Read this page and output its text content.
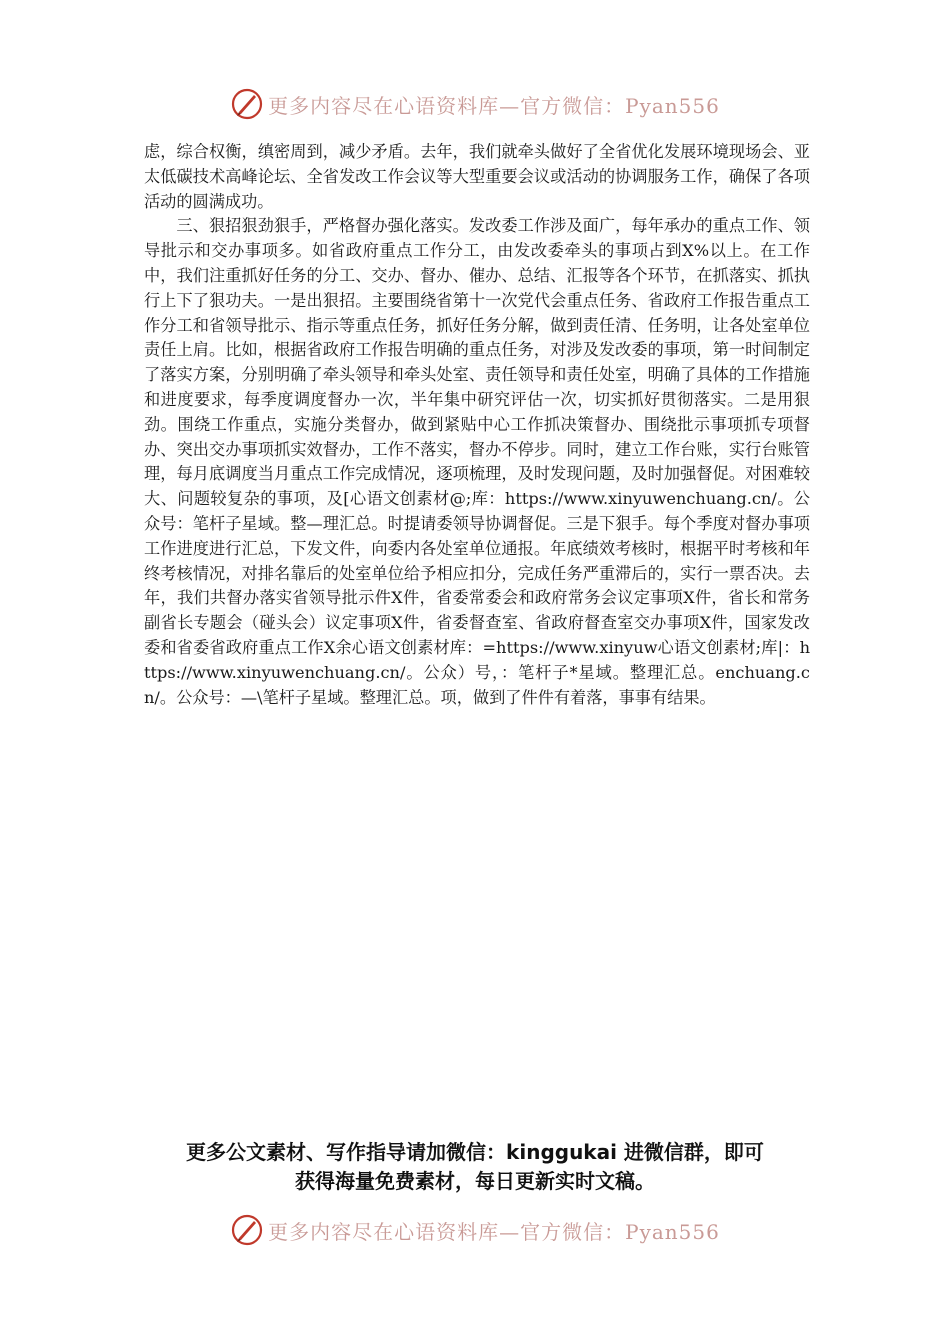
更多内容尽在心语资料库—官方微信：Pyan556

虑，综合权衡，缜密周到，减少矛盾。去年，我们就牵头做好了全省优化发展环境现场会、亚太低碳技术高峰论坛、全省发改工作会议等大型重要会议或活动的协调服务工作，确保了各项活动的圆满成功。

三、狠招狠劲狠手，严格督办强化落实。发改委工作涉及面广，每年承办的重点工作、领导批示和交办事项多。如省政府重点工作分工，由发改委牵头的事项占到X%以上。在工作中，我们注重抓好任务的分工、交办、督办、催办、总结、汇报等各个环节，在抓落实、抓执行上下了狠功夫。一是出狠招。主要围绕省第十一次党代会重点任务、省政府工作报告重点工作分工和省领导批示、指示等重点任务，抓好任务分解，做到责任清、任务明，让各处室单位责任上肩。比如，根据省政府工作报告明确的重点任务，对涉及发改委的事项，第一时间制定了落实方案，分别明确了牵头领导和牵头处室、责任领导和责任处室，明确了具体的工作措施和进度要求，每季度调度督办一次，半年集中研究评估一次，切实抓好贯彻落实。二是用狠劲。围绕工作重点，实施分类督办，做到紧贴中心工作抓决策督办、围绕批示事项抓专项督办、突出交办事项抓实效督办，工作不落实，督办不停步。同时，建立工作台账，实行台账管理，每月底调度当月重点工作完成情况，逐项梳理，及时发现问题，及时加强督促。对困难较大、问题较复杂的事项，及[心语文创素材@;库：https://www.xinyuwenchuang.cn/。公众号：笔杆子星域。整—理汇总。时提请委领导协调督促。三是下狠手。每个季度对督办事项工作进度进行汇总，下发文件，向委内各处室单位通报。年底绩效考核时，根据平时考核和年终考核情况，对排名靠后的处室单位给予相应扣分，完成任务严重滞后的，实行一票否决。去年，我们共督办落实省领导批示件X件，省委常委会和政府常务会议定事项X件，省长和常务副省长专题会（碰头会）议定事项X件，省委督查室、省政府督查室交办事项X件，国家发改委和省委省政府重点工作X余心语文创素材库：=https://www.xinyuw心语文创素材;库|：https://www.xinyuwenchuang.cn/。公众）号，：笔杆子*星域。整理汇总。enchuang.cn/。公众号：—\笔杆子星域。整理汇总。项，做到了件件有着落，事事有结果。

更多公文素材、写作指导请加微信：kinggukai 进微信群，即可
获得海量免费素材，每日更新实时文稿。
更多内容尽在心语资料库—官方微信：Pyan556
